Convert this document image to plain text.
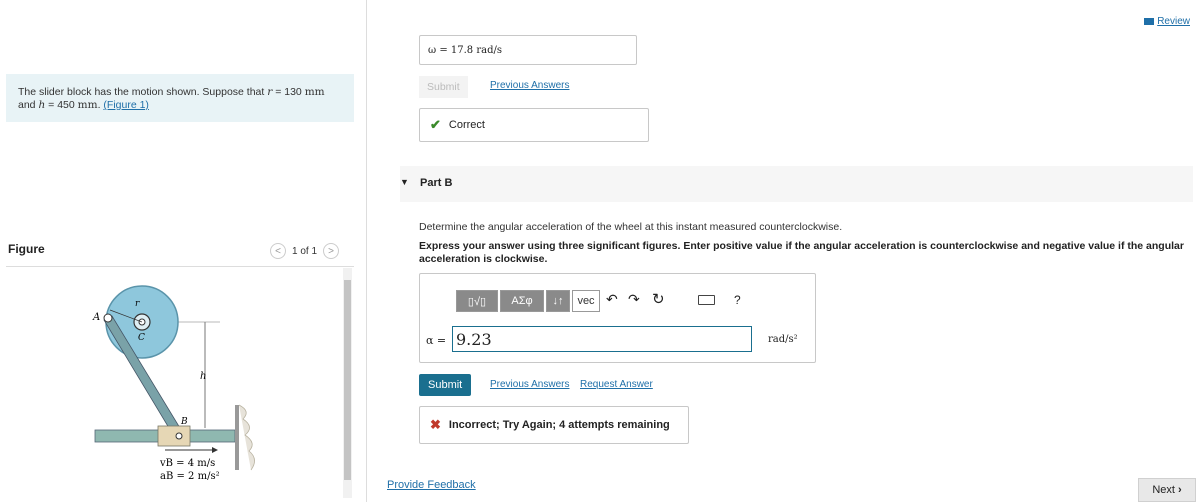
The slider block has the motion shown. Suppose that r = 130 mm
and h = 450 mm. (Figure 1)
Figure	<	1 of 1	>
A
r
C
h
B
vB = 4 m/s
aB = 2 m/s²
Review
ω = 17.8 rad/s
Submit	Previous Answers
✔ Correct
▼ Part B
Determine the angular acceleration of the wheel at this instant measured counterclockwise.
Express your answer using three significant figures. Enter positive value if the angular acceleration is counterclockwise and negative value if the angular acceleration is clockwise.
▯√▯	ΑΣφ	↓↑	vec ↶ ↷ ↻	?
α = 9.23	rad/s²
Submit	Previous Answers Request Answer
✖ Incorrect; Try Again; 4 attempts remaining
Provide Feedback	Next ›
